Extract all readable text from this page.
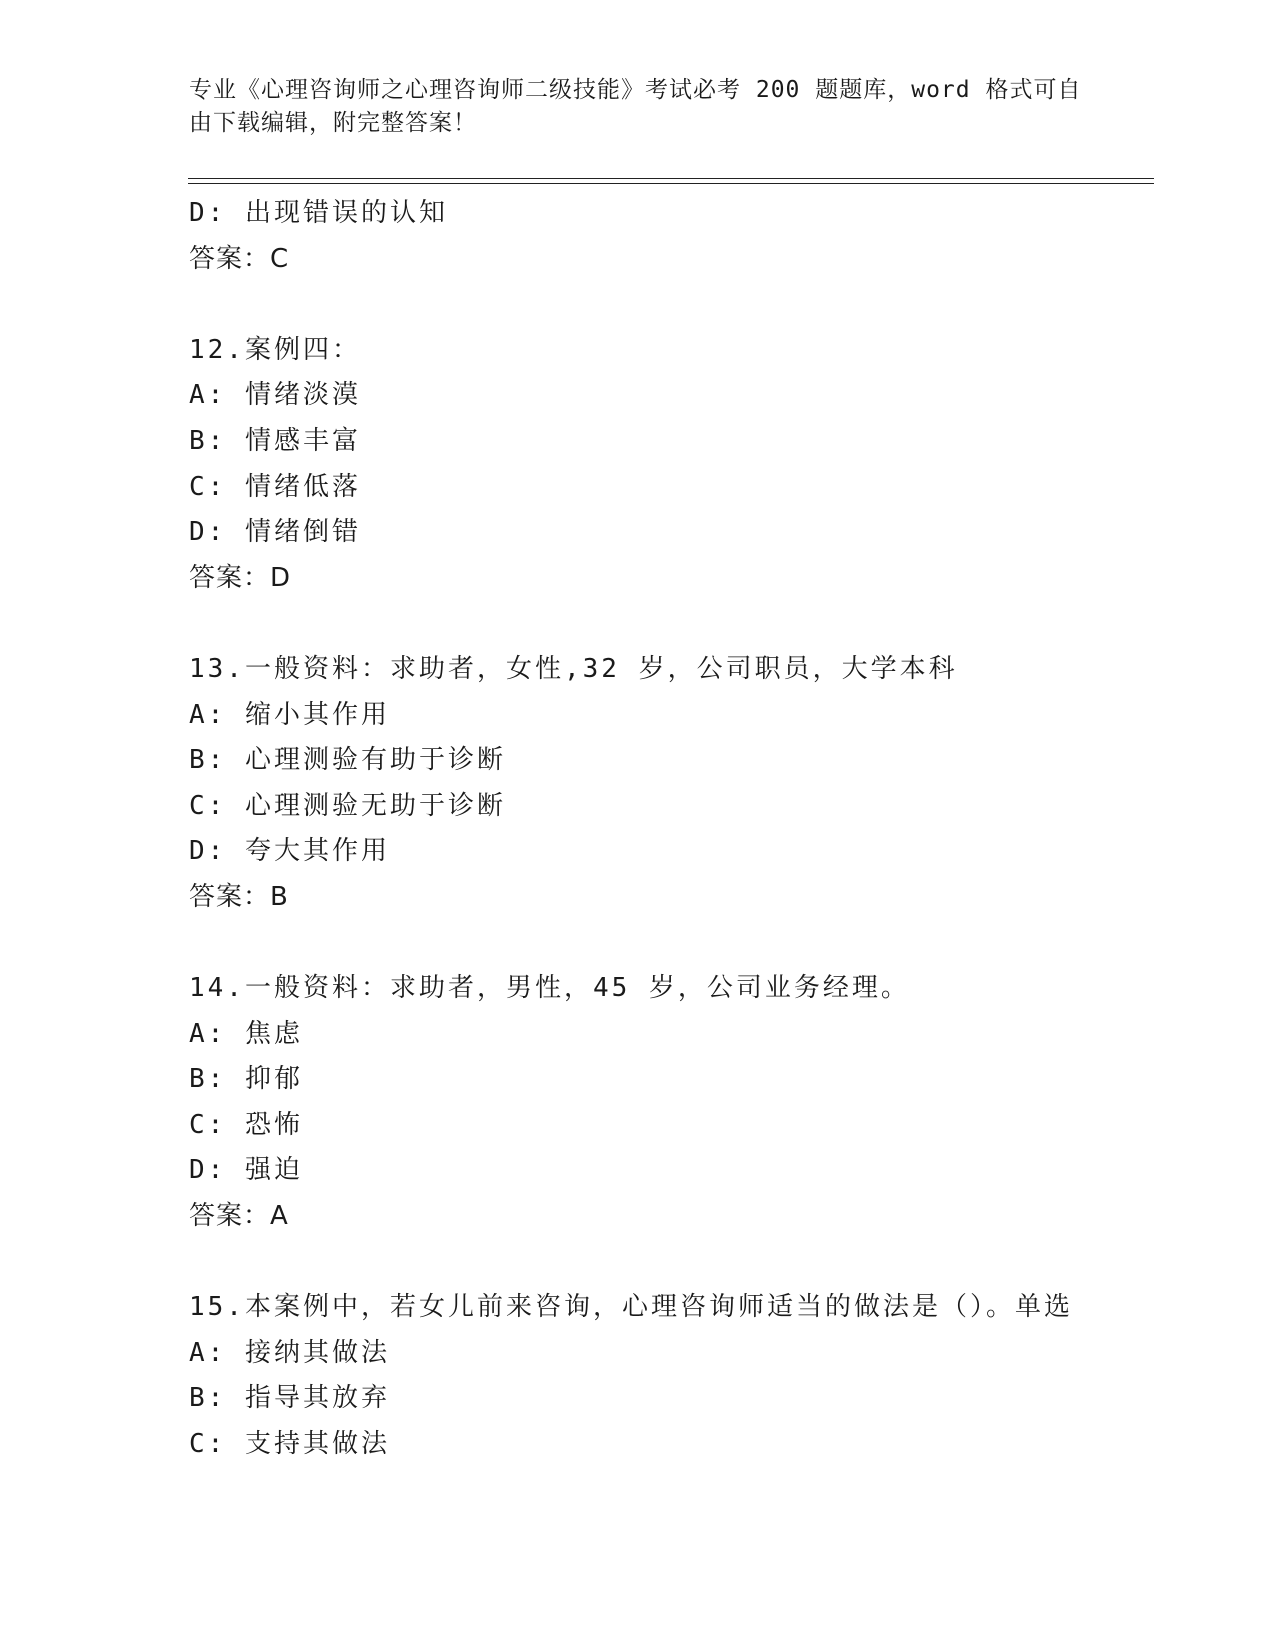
专业《心理咨询师之心理咨询师二级技能》考试必考 200 题题库，word 格式可自
由下载编辑，附完整答案！
D: 出现错误的认知
答案：C
12.案例四：
A: 情绪淡漠
B: 情感丰富
C: 情绪低落
D: 情绪倒错
答案：D
13.一般资料：求助者，女性,32 岁，公司职员，大学本科
A: 缩小其作用
B: 心理测验有助于诊断
C: 心理测验无助于诊断
D: 夸大其作用
答案：B
14.一般资料：求助者，男性，45 岁，公司业务经理。
A: 焦虑
B: 抑郁
C: 恐怖
D: 强迫
答案：A
15.本案例中，若女儿前来咨询，心理咨询师适当的做法是（）。单选
A: 接纳其做法
B: 指导其放弃
C: 支持其做法
